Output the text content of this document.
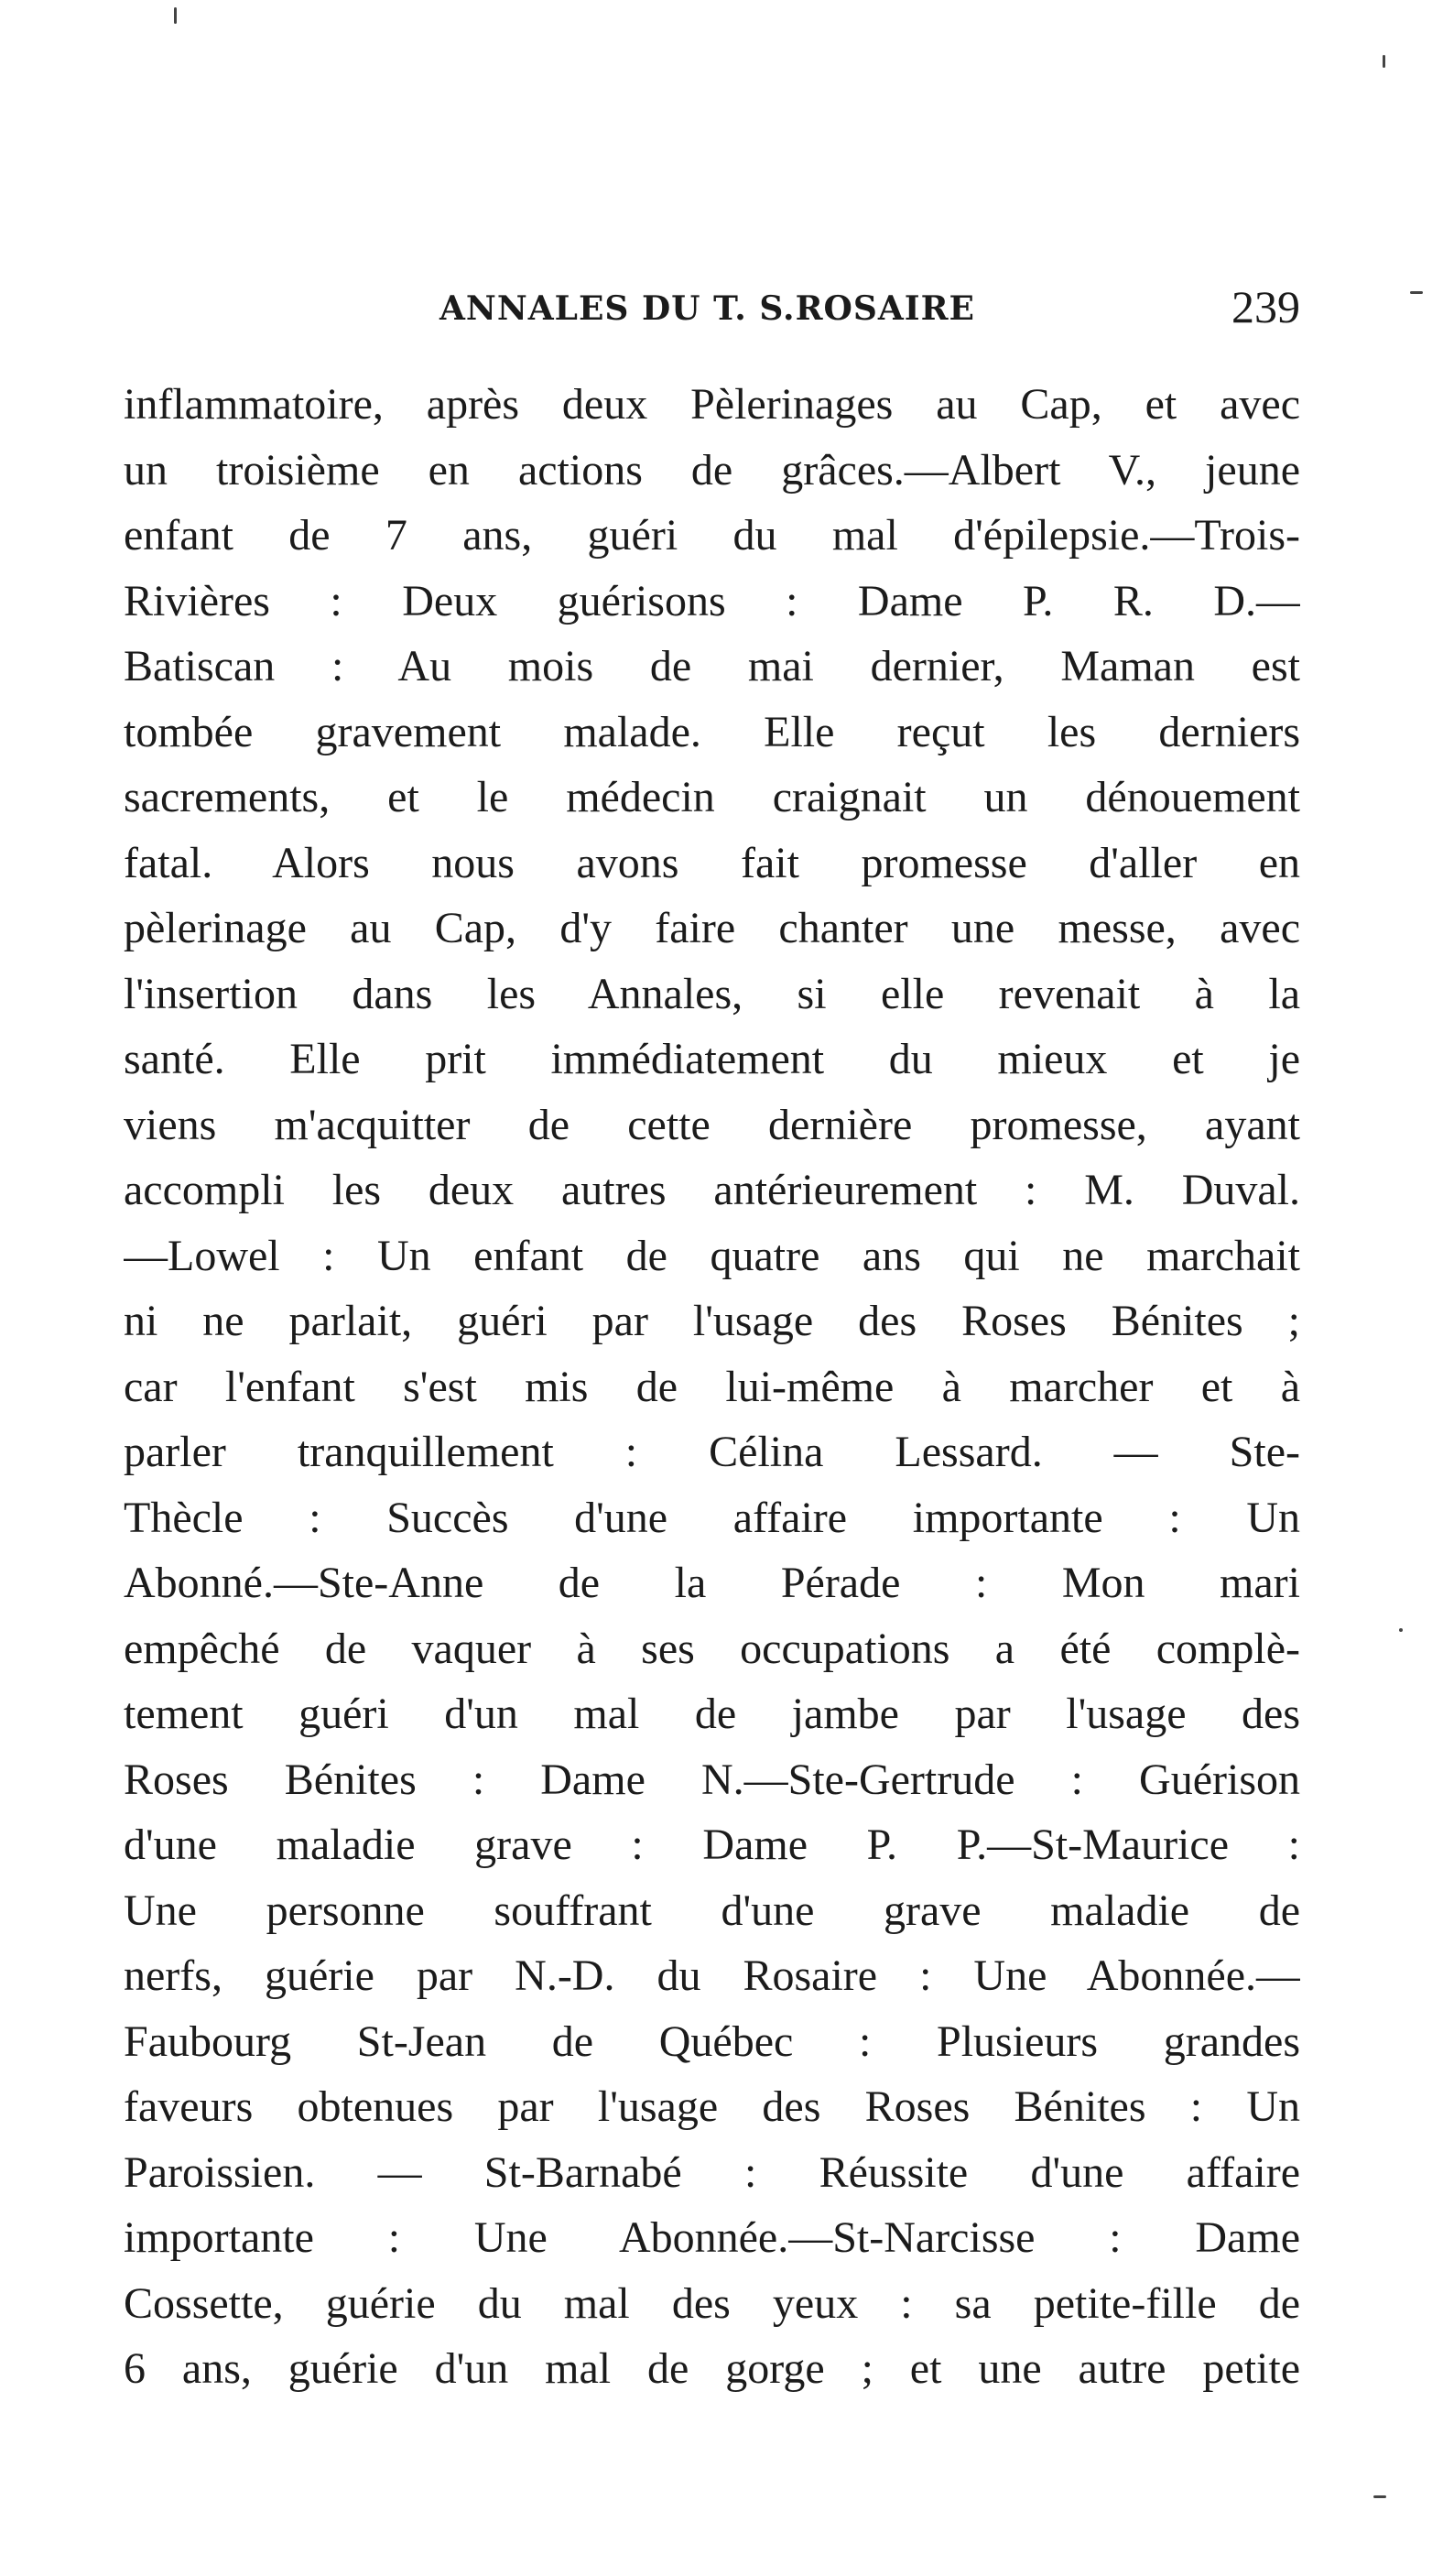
ANNALES DU T. S.ROSAIRE	239
inflammatoire, après deux Pèlerinages au Cap, et avec
un troisième en actions de grâces.—Albert V., jeune
enfant de 7 ans, guéri du mal d'épilepsie.—Trois-
Rivières : Deux guérisons : Dame P. R. D.—
Batiscan : Au mois de mai dernier, Maman est
tombée gravement malade. Elle reçut les derniers
sacrements, et le médecin craignait un dénouement
fatal. Alors nous avons fait promesse d'aller en
pèlerinage au Cap, d'y faire chanter une messe, avec
l'insertion dans les Annales, si elle revenait à la
santé. Elle prit immédiatement du mieux et je
viens m'acquitter de cette dernière promesse, ayant
accompli les deux autres antérieurement : M. Duval.
—Lowel : Un enfant de quatre ans qui ne marchait
ni ne parlait, guéri par l'usage des Roses Bénites ;
car l'enfant s'est mis de lui-même à marcher et à
parler tranquillement : Célina Lessard. — Ste-
Thècle : Succès d'une affaire importante : Un
Abonné.—Ste-Anne de la Pérade : Mon mari
empêché de vaquer à ses occupations a été complè-
tement guéri d'un mal de jambe par l'usage des
Roses Bénites : Dame N.—Ste-Gertrude : Guérison
d'une maladie grave : Dame P. P.—St-Maurice :
Une personne souffrant d'une grave maladie de
nerfs, guérie par N.-D. du Rosaire : Une Abonnée.—
Faubourg St-Jean de Québec : Plusieurs grandes
faveurs obtenues par l'usage des Roses Bénites : Un
Paroissien. — St-Barnabé : Réussite d'une affaire
importante : Une Abonnée.—St-Narcisse : Dame
Cossette, guérie du mal des yeux : sa petite-fille de
6 ans, guérie d'un mal de gorge ; et une autre petite
